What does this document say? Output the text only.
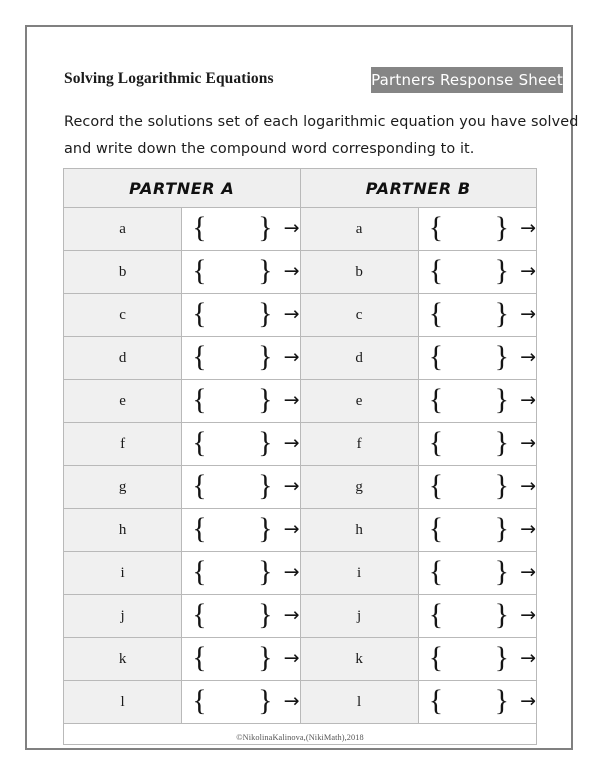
Solving Logarithmic Equations	Partners Response Sheet
Record the solutions set of each logarithmic equation you have solved
and write down the compound word corresponding to it.
PARTNER A		PARTNER B	
a	{ } →	a	{ } →

b	{ } →	b	{ } →

c	{ } →	c	{ } →

d	{ } →	d	{ } →

e	{ } →	e	{ } →

f	{ } →	f	{ } →

g	{ } →	g	{ } →

h	{ } →	h	{ } →

i	{ } →	i	{ } →

j	{ } →	j	{ } →

k	{ } →	k	{ } →

l	{ } →	l	{ } →

©NikolinaKalinova,(NikiMath),2018			
